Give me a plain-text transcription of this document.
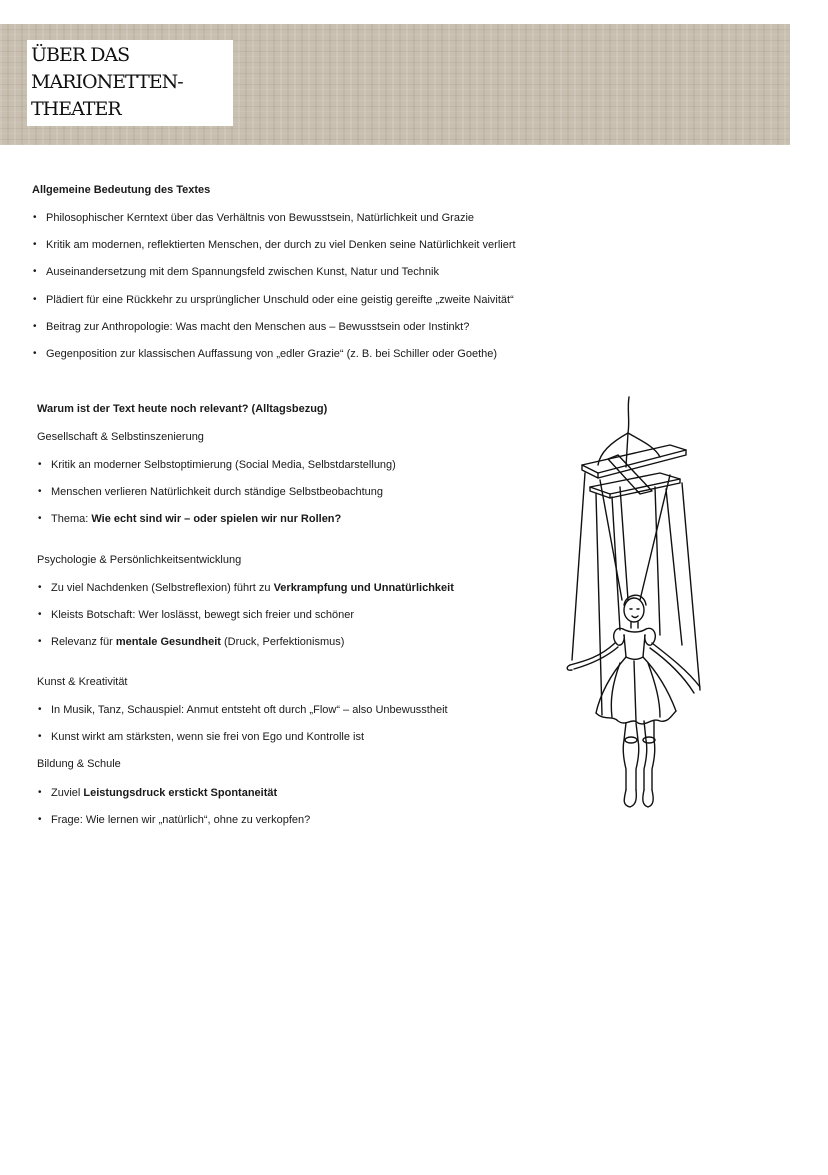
ÜBER DAS
MARIONETTEN-
THEATER
Allgemeine Bedeutung des Textes
• Philosophischer Kerntext über das Verhältnis von Bewusstsein, Natürlichkeit und Grazie
• Kritik am modernen, reflektierten Menschen, der durch zu viel Denken seine Natürlichkeit verliert
• Auseinandersetzung mit dem Spannungsfeld zwischen Kunst, Natur und Technik
• Plädiert für eine Rückkehr zu ursprünglicher Unschuld oder eine geistig gereifte „zweite Naivität“
• Beitrag zur Anthropologie: Was macht den Menschen aus – Bewusstsein oder Instinkt?
• Gegenposition zur klassischen Auffassung von „edler Grazie“ (z. B. bei Schiller oder Goethe)
Warum ist der Text heute noch relevant? (Alltagsbezug)

Gesellschaft & Selbstinszenierung

• Kritik an moderner Selbstoptimierung (Social Media, Selbstdarstellung)
• Menschen verlieren Natürlichkeit durch ständige Selbstbeobachtung
• Thema: Wie echt sind wir – oder spielen wir nur Rollen?

Psychologie & Persönlichkeitsentwicklung

• Zu viel Nachdenken (Selbstreflexion) führt zu Verkrampfung und Unnatürlichkeit
• Kleists Botschaft: Wer loslässt, bewegt sich freier und schöner
• Relevanz für mentale Gesundheit (Druck, Perfektionismus)

Kunst & Kreativität

• In Musik, Tanz, Schauspiel: Anmut entsteht oft durch „Flow“ – also Unbewusstheit
• Kunst wirkt am stärksten, wenn sie frei von Ego und Kontrolle ist

Bildung & Schule

• Zuviel Leistungsdruck erstickt Spontaneität
• Frage: Wie lernen wir „natürlich“, ohne zu verkopfen?
